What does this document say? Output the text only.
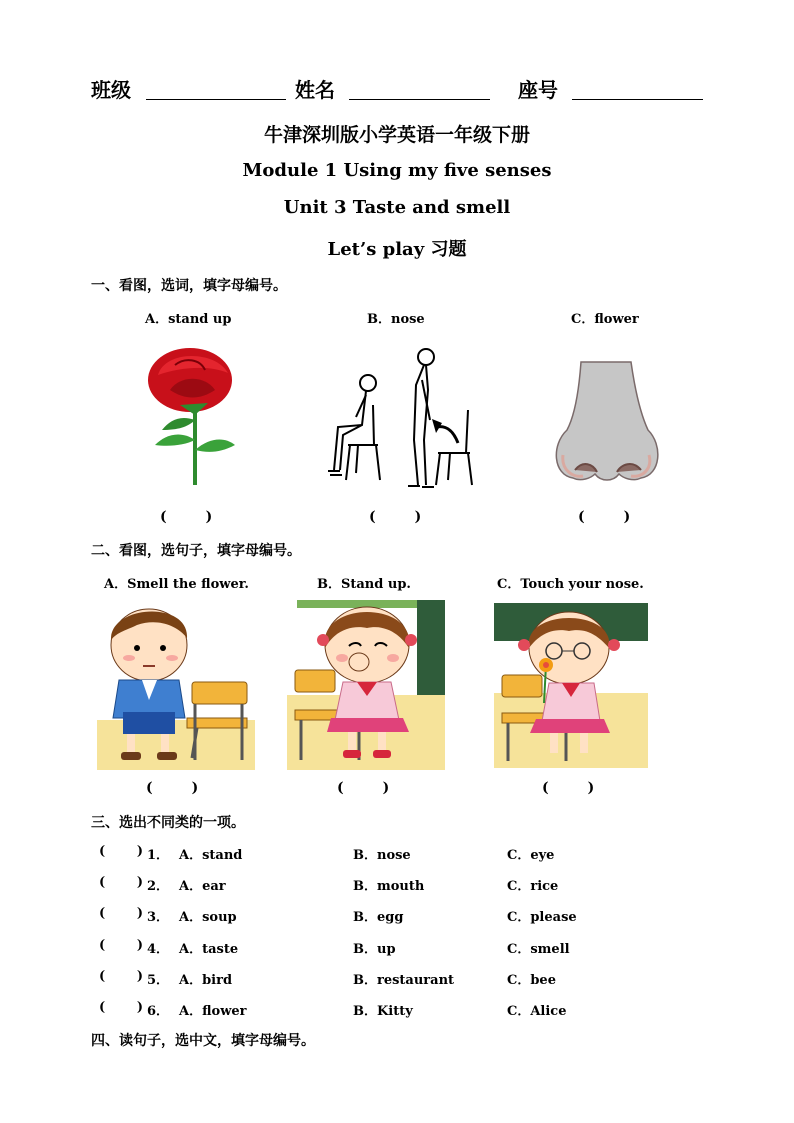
班级	姓名	座号
牛津深圳版小学英语一年级下册
Module 1 Using my five senses
Unit 3 Taste and smell
Let’s play 习题
一、看图，选词，填字母编号。
A．stand up	B．nose	C．flower
(        )	(        )	(        )
二、看图，选句子，填字母编号。
A．Smell the flower.	B．Stand up.	C．Touch your nose.
(        )	(        )	(        )
三、选出不同类的一项。
(       ) 1． A．stand	B．nose	C．eye
(       ) 2． A．ear	B．mouth	C．rice
(       ) 3． A．soup	B．egg	C．please
(       ) 4． A．taste	B．up	C．smell
(       ) 5． A．bird	B．restaurant	C．bee
(       ) 6． A．flower	B．Kitty	C．Alice
四、读句子，选中文，填字母编号。
